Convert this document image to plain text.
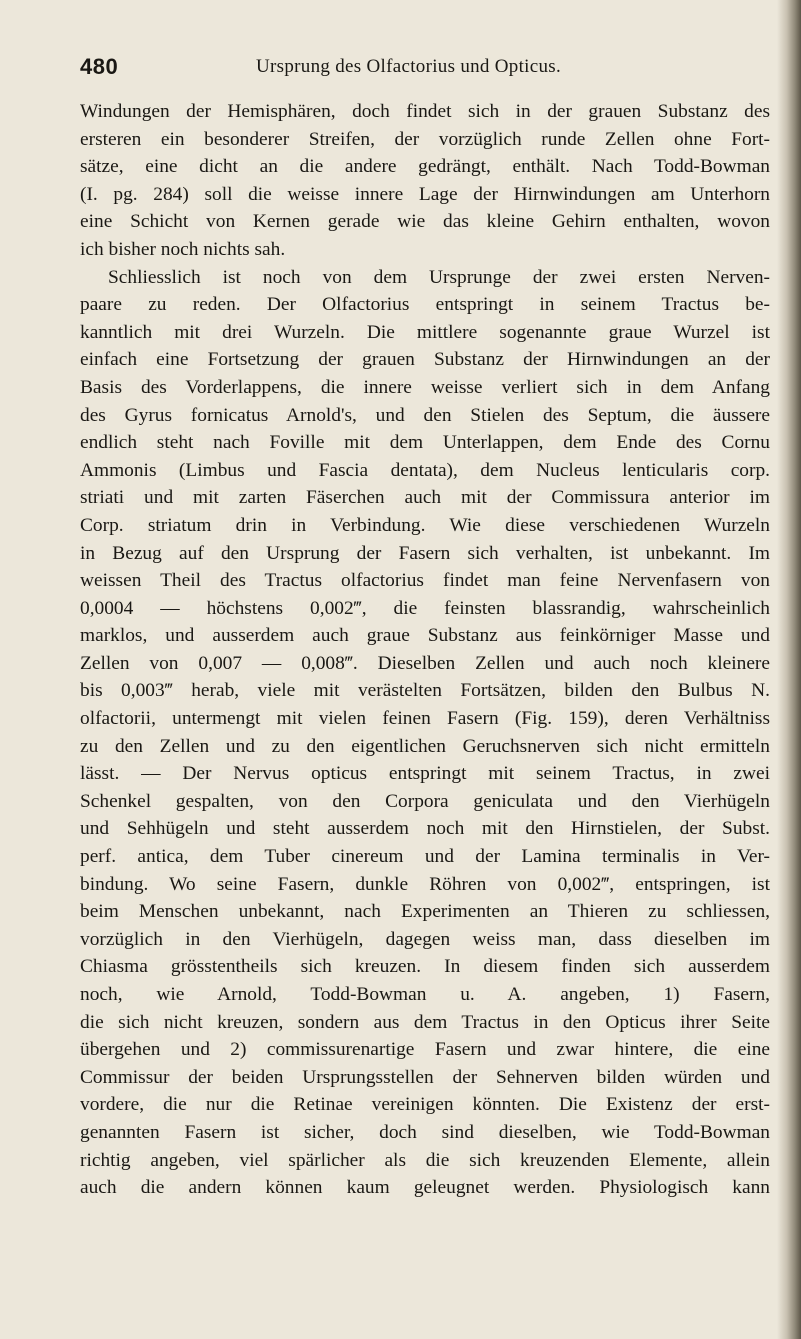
480	Ursprung des Olfactorius und Opticus.
Windungen der Hemisphären, doch findet sich in der grauen Substanz des
ersteren ein besonderer Streifen, der vorzüglich runde Zellen ohne Fort-
sätze, eine dicht an die andere gedrängt, enthält. Nach Todd-Bowman
(I. pg. 284) soll die weisse innere Lage der Hirnwindungen am Unterhorn
eine Schicht von Kernen gerade wie das kleine Gehirn enthalten, wovon
ich bisher noch nichts sah.
Schliesslich ist noch von dem Ursprunge der zwei ersten Nerven-
paare zu reden. Der Olfactorius entspringt in seinem Tractus be-
kanntlich mit drei Wurzeln. Die mittlere sogenannte graue Wurzel ist
einfach eine Fortsetzung der grauen Substanz der Hirnwindungen an der
Basis des Vorderlappens, die innere weisse verliert sich in dem Anfang
des Gyrus fornicatus Arnold's, und den Stielen des Septum, die äussere
endlich steht nach Foville mit dem Unterlappen, dem Ende des Cornu
Ammonis (Limbus und Fascia dentata), dem Nucleus lenticularis corp.
striati und mit zarten Fäserchen auch mit der Commissura anterior im
Corp. striatum drin in Verbindung. Wie diese verschiedenen Wurzeln
in Bezug auf den Ursprung der Fasern sich verhalten, ist unbekannt. Im
weissen Theil des Tractus olfactorius findet man feine Nervenfasern von
0,0004 — höchstens 0,002‴, die feinsten blassrandig, wahrscheinlich
marklos, und ausserdem auch graue Substanz aus feinkörniger Masse und
Zellen von 0,007 — 0,008‴. Dieselben Zellen und auch noch kleinere
bis 0,003‴ herab, viele mit verästelten Fortsätzen, bilden den Bulbus N.
olfactorii, untermengt mit vielen feinen Fasern (Fig. 159), deren Verhältniss
zu den Zellen und zu den eigentlichen Geruchsnerven sich nicht ermitteln
lässt. — Der Nervus opticus entspringt mit seinem Tractus, in zwei
Schenkel gespalten, von den Corpora geniculata und den Vierhügeln
und Sehhügeln und steht ausserdem noch mit den Hirnstielen, der Subst.
perf. antica, dem Tuber cinereum und der Lamina terminalis in Ver-
bindung. Wo seine Fasern, dunkle Röhren von 0,002‴, entspringen, ist
beim Menschen unbekannt, nach Experimenten an Thieren zu schliessen,
vorzüglich in den Vierhügeln, dagegen weiss man, dass dieselben im
Chiasma grösstentheils sich kreuzen. In diesem finden sich ausserdem
noch, wie Arnold, Todd-Bowman u. A. angeben, 1) Fasern,
die sich nicht kreuzen, sondern aus dem Tractus in den Opticus ihrer Seite
übergehen und 2) commissurenartige Fasern und zwar hintere, die eine
Commissur der beiden Ursprungsstellen der Sehnerven bilden würden und
vordere, die nur die Retinae vereinigen könnten. Die Existenz der erst-
genannten Fasern ist sicher, doch sind dieselben, wie Todd-Bowman
richtig angeben, viel spärlicher als die sich kreuzenden Elemente, allein
auch die andern können kaum geleugnet werden. Physiologisch kann
